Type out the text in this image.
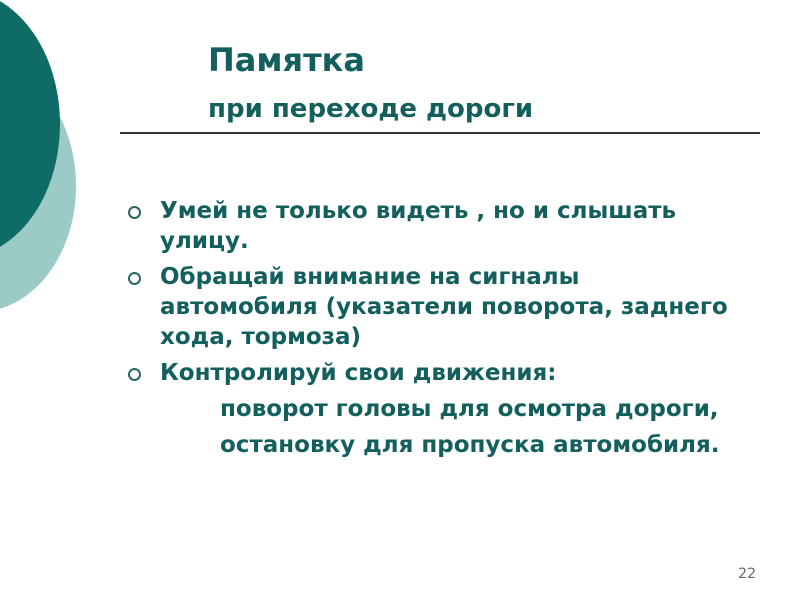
Памятка
при переходе дороги
Умей не только видеть , но и слышать улицу.
Обращай внимание на сигналы автомобиля (указатели поворота, заднего хода, тормоза)
Контролируй свои движения:
поворот головы для осмотра дороги,
остановку для пропуска автомобиля.
22
